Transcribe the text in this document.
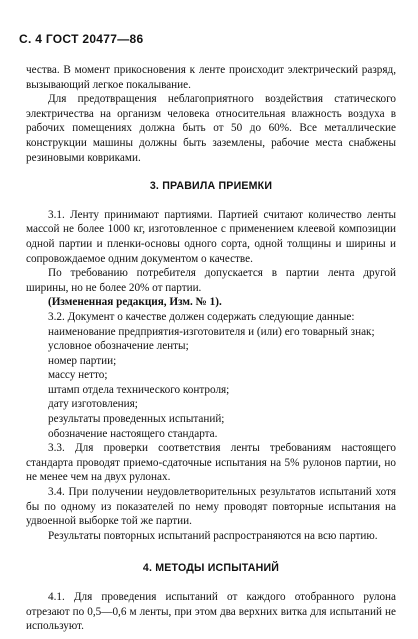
С. 4 ГОСТ 20477—86

чества. В момент прикосновения к ленте происходит электрический разряд, вызывающий легкое покалывание.

Для предотвращения неблагоприятного воздействия статического электричества на организм человека относительная влажность воздуха в рабочих помещениях должна быть от 50 до 60%. Все металлические конструкции машины должны быть заземлены, рабочие места снабжены резиновыми ковриками.

3. ПРАВИЛА ПРИЕМКИ

3.1. Ленту принимают партиями. Партией считают количество ленты массой не более 1000 кг, изготовленное с применением клеевой композиции одной партии и пленки-основы одного сорта, одной толщины и ширины и сопровождаемое одним документом о качестве.

По требованию потребителя допускается в партии лента другой ширины, но не более 20% от партии.

(Измененная редакция, Изм. № 1).

3.2. Документ о качестве должен содержать следующие данные:

наименование предприятия-изготовителя и (или) его товарный знак;

условное обозначение ленты;

номер партии;

массу нетто;

штамп отдела технического контроля;

дату изготовления;

результаты проведенных испытаний;

обозначение настоящего стандарта.

3.3. Для проверки соответствия ленты требованиям настоящего стандарта проводят приемо-сдаточные испытания на 5% рулонов партии, но не менее чем на двух рулонах.

3.4. При получении неудовлетворительных результатов испытаний хотя бы по одному из показателей по нему проводят повторные испытания на удвоенной выборке той же партии.

Результаты повторных испытаний распространяются на всю партию.

4. МЕТОДЫ ИСПЫТАНИЙ

4.1. Для проведения испытаний от каждого отобранного рулона отрезают по 0,5—0,6 м ленты, при этом два верхних витка для испытаний не используют.
